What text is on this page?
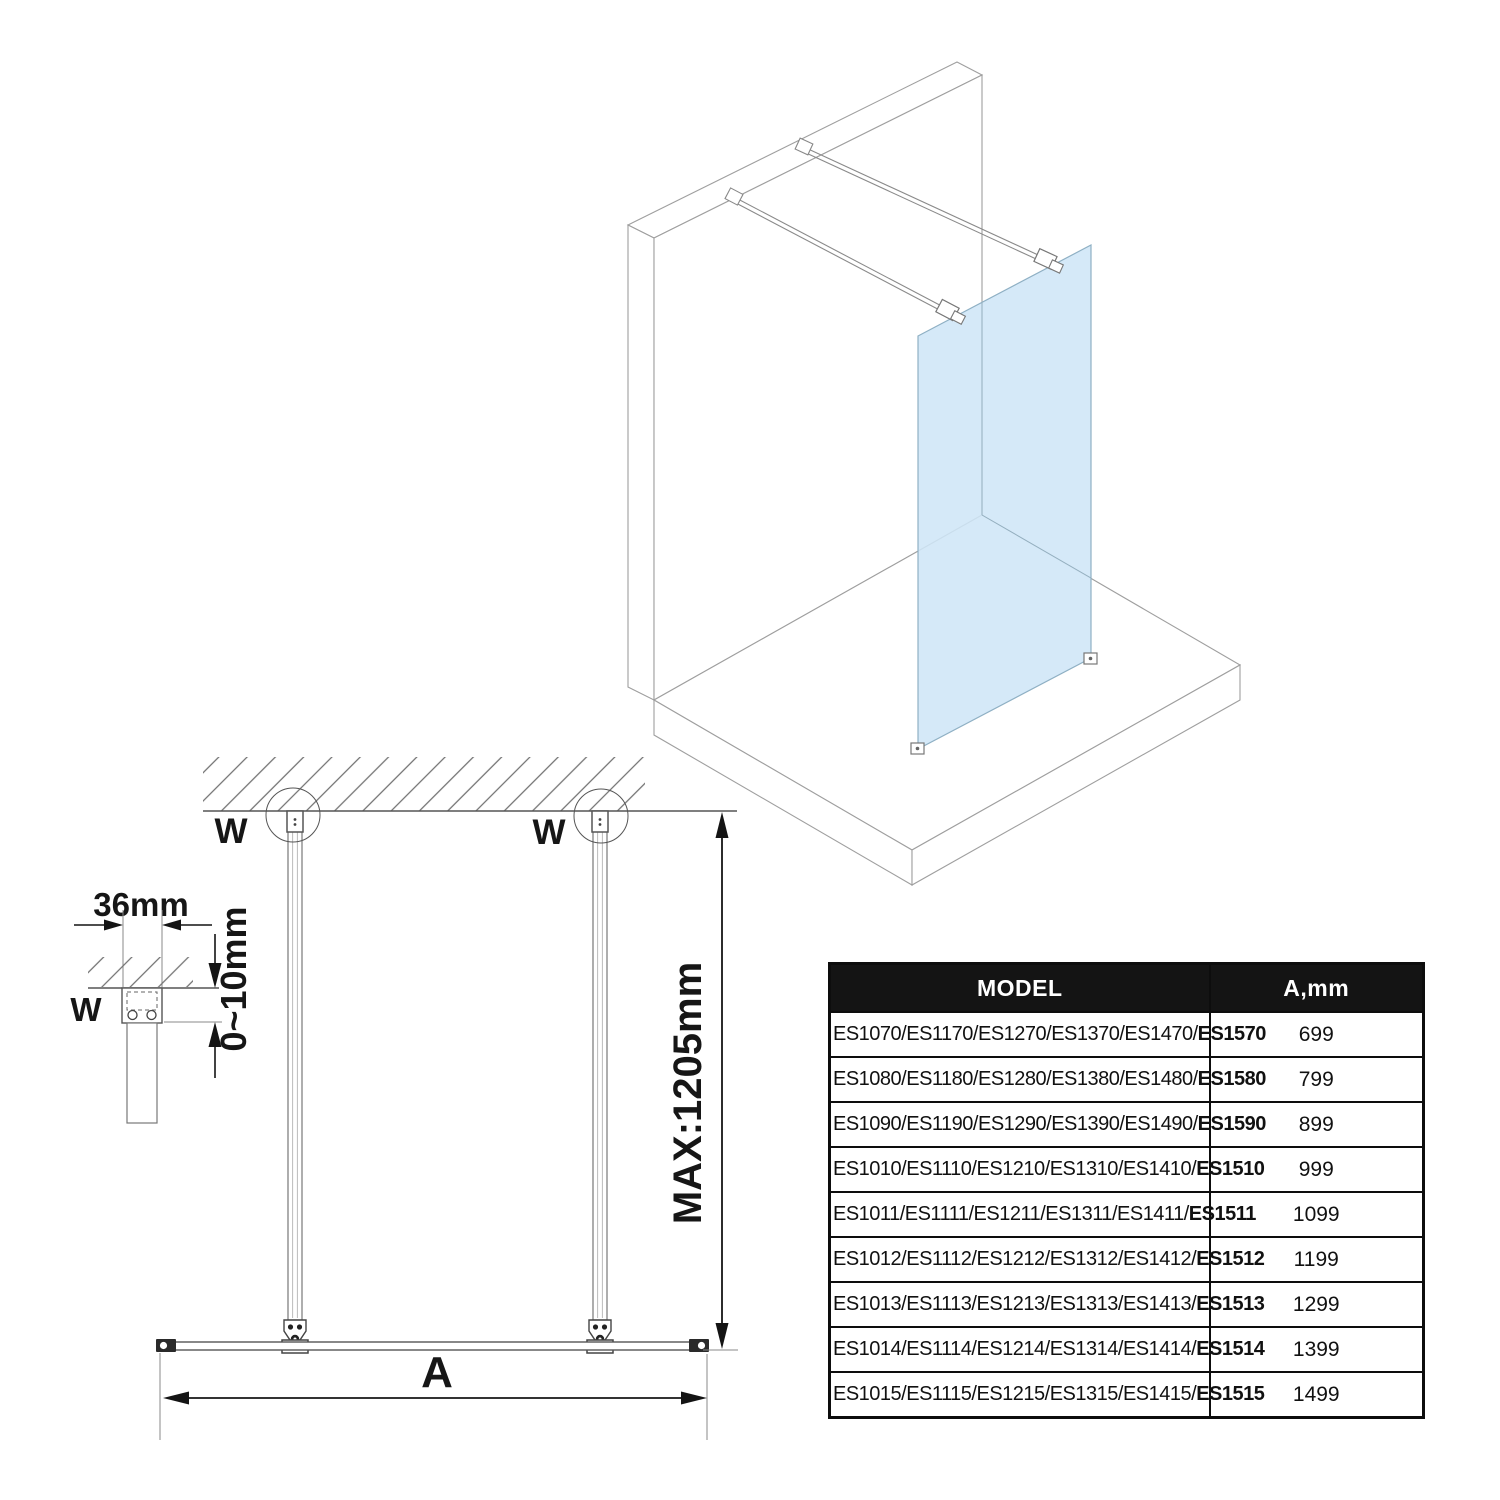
MAX:1205mm
A
W	W
36mm
W	0~10mm	MODEL	A,mm
ES1070/ES1170/ES1270/ES1370/ES1470/ES1570	699
ES1080/ES1180/ES1280/ES1380/ES1480/ES1580	799
ES1090/ES1190/ES1290/ES1390/ES1490/ES1590	899
ES1010/ES1110/ES1210/ES1310/ES1410/ES1510	999
ES1011/ES1111/ES1211/ES1311/ES1411/ES1511	1099
ES1012/ES1112/ES1212/ES1312/ES1412/ES1512	1199
ES1013/ES1113/ES1213/ES1313/ES1413/ES1513	1299
ES1014/ES1114/ES1214/ES1314/ES1414/ES1514	1399
ES1015/ES1115/ES1215/ES1315/ES1415/ES1515	1499
